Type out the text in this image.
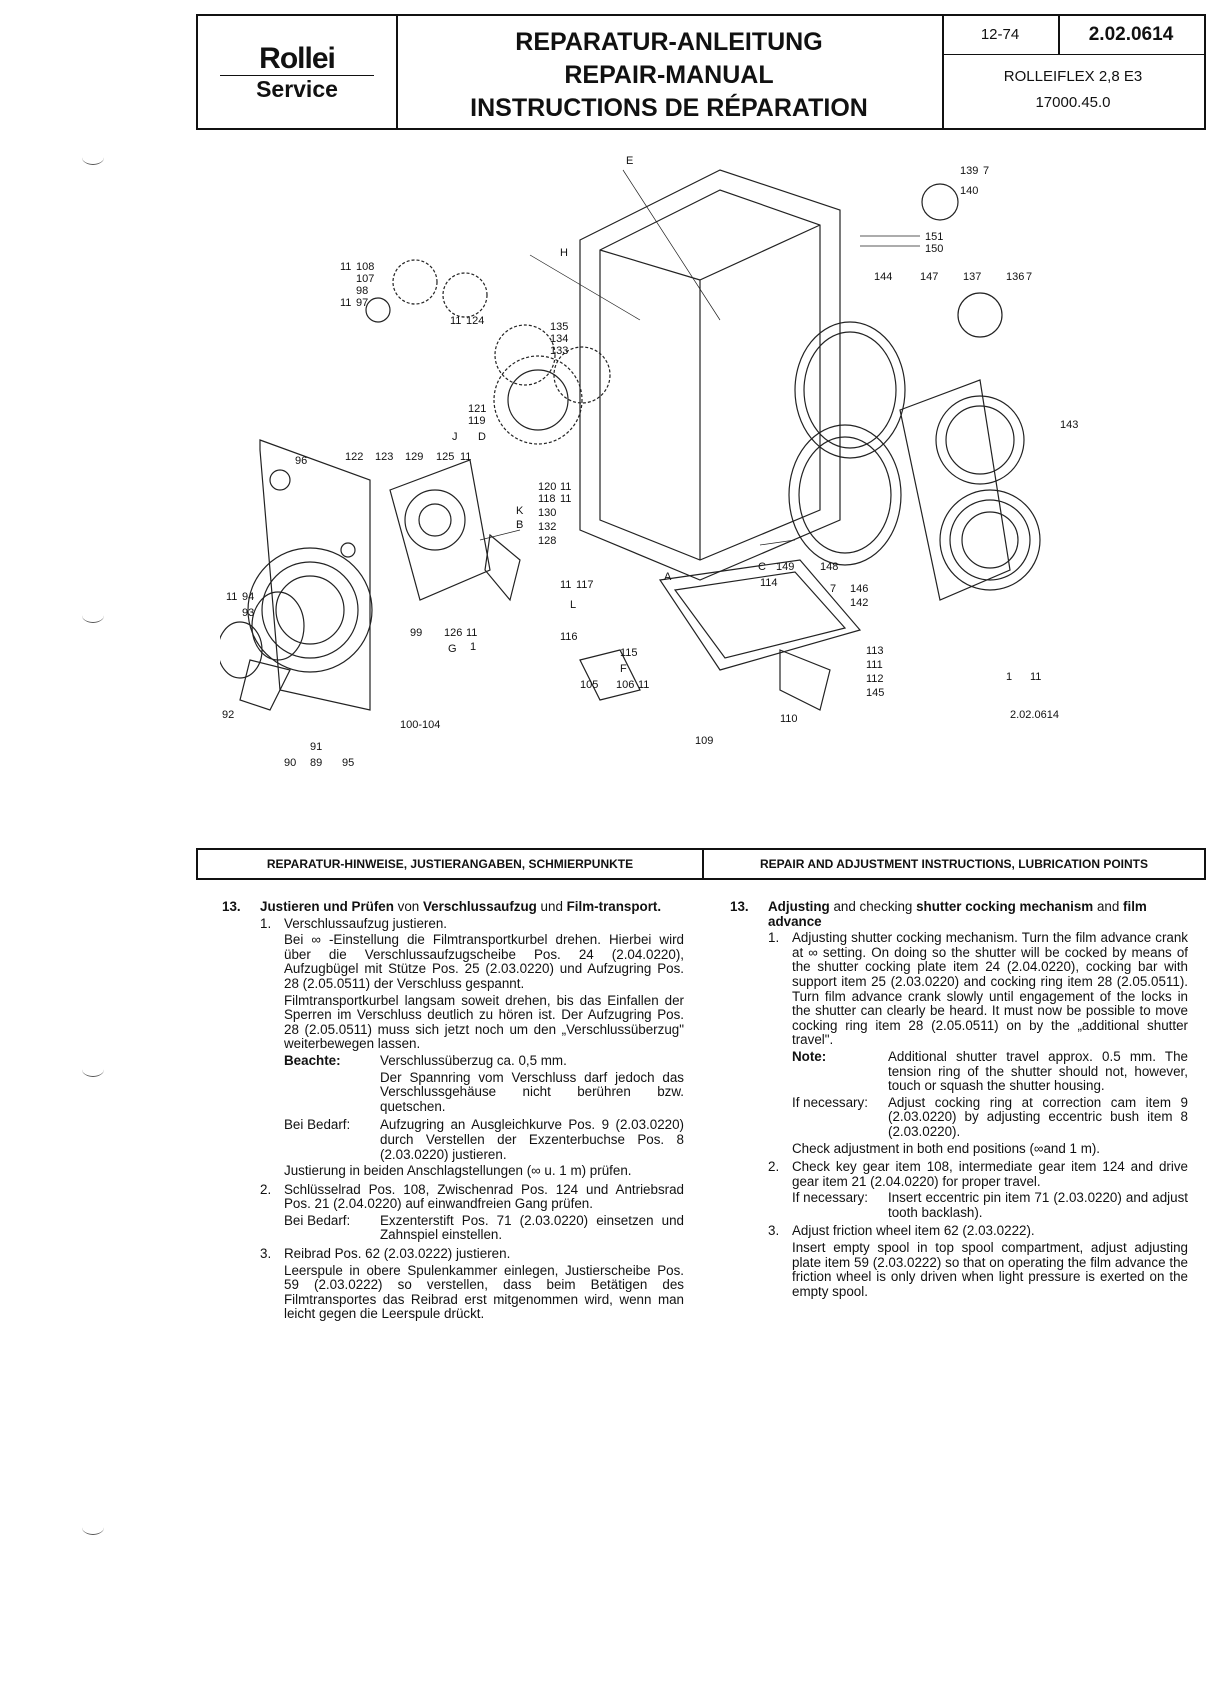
Rollei
Service
REPARATUR-ANLEITUNG
REPAIR-MANUAL
INSTRUCTIONS DE RÉPARATION
12-74	2.02.0614
ROLLEIFLEX 2,8 E3
17000.45.0
E
139 7
140
151
150
H
144	147 137 136 7
11 108
107
98
11 97
11 124	135
134
133
143
121
119
J D
96	122 123 129 125 11
120 11
118 11
K 130
B 132
128
A
C 149 148
114	7 146
142
11 94
93
11 117
L
126 11
99
G 1
116
115
F
105 106 11
113
111
112
145
1 11
2.02.0614
92
100-104	110
91	109
90 89 95
REPARATUR-HINWEISE, JUSTIERANGABEN, SCHMIERPUNKTE	REPAIR AND ADJUSTMENT INSTRUCTIONS, LUBRICATION POINTS
13.	Justieren und Prüfen von Verschlussaufzug und Film-transport.
1. Verschlussaufzug justieren.
Bei ∞ -Einstellung die Filmtransportkurbel drehen. Hierbei wird über die Verschlussaufzugscheibe Pos. 24 (2.04.0220), Aufzugbügel mit Stütze Pos. 25 (2.03.0220) und Aufzugring Pos. 28 (2.05.0511) der Verschluss gespannt.
Filmtransportkurbel langsam soweit drehen, bis das Einfallen der Sperren im Verschluss deutlich zu hören ist. Der Aufzugring Pos. 28 (2.05.0511) muss sich jetzt noch um den „Verschlussüberzug" weiterbewegen lassen.
Beachte:	Verschlussüberzug ca. 0,5 mm.
Der Spannring vom Verschluss darf jedoch das Verschlussgehäuse nicht berühren bzw. quetschen.
Bei Bedarf:	Aufzugring an Ausgleichkurve Pos. 9 (2.03.0220) durch Verstellen der Exzenterbuchse Pos. 8 (2.03.0220) justieren.
Justierung in beiden Anschlagstellungen (∞ u. 1 m) prüfen.
2. Schlüsselrad Pos. 108, Zwischenrad Pos. 124 und Antriebsrad Pos. 21 (2.04.0220) auf einwandfreien Gang prüfen.
Bei Bedarf:	Exzenterstift Pos. 71 (2.03.0220) einsetzen und Zahnspiel einstellen.
3. Reibrad Pos. 62 (2.03.0222) justieren.
Leerspule in obere Spulenkammer einlegen, Justierscheibe Pos. 59 (2.03.0222) so verstellen, dass beim Betätigen des Filmtransportes das Reibrad erst mitgenommen wird, wenn man leicht gegen die Leerspule drückt.
13.	Adjusting and checking shutter cocking mechanism and film advance
1. Adjusting shutter cocking mechanism. Turn the film advance crank at ∞ setting. On doing so the shutter will be cocked by means of the shutter cocking plate item 24 (2.04.0220), cocking bar with support item 25 (2.03.0220) and cocking ring item 28 (2.05.0511). Turn film advance crank slowly until engagement of the locks in the shutter can clearly be heard. It must now be possible to move cocking ring item 28 (2.05.0511) on by the „additional shutter travel".
Note:	Additional shutter travel approx. 0.5 mm. The tension ring of the shutter should not, however, touch or squash the shutter housing.
If necessary:	Adjust cocking ring at correction cam item 9 (2.03.0220) by adjusting eccentric bush item 8 (2.03.0220).
Check adjustment in both end positions (∞and 1 m).
2. Check key gear item 108, intermediate gear item 124 and drive gear item 21 (2.04.0220) for proper travel.
If necessary:	Insert eccentric pin item 71 (2.03.0220) and adjust tooth backlash).
3. Adjust friction wheel item 62 (2.03.0222).
Insert empty spool in top spool compartment, adjust adjusting plate item 59 (2.03.0222) so that on operating the film advance the friction wheel is only driven when light pressure is exerted on the empty spool.
